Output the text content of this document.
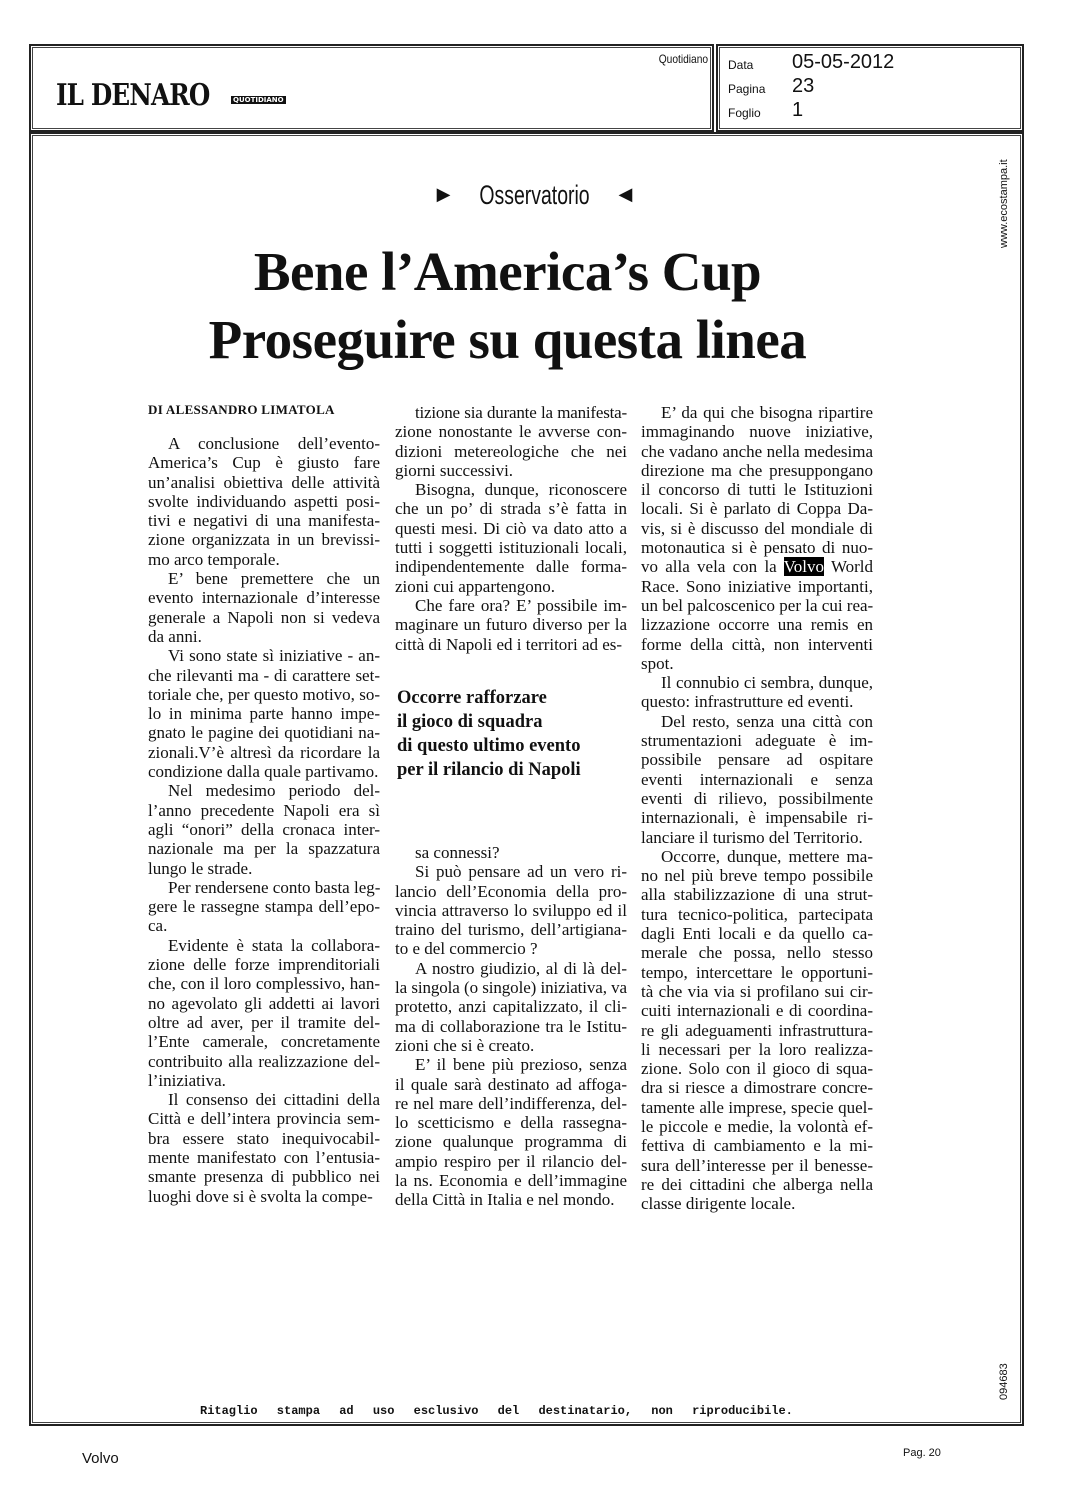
IL DENARO	QUOTIDIANO
Quotidiano Data 05-05-2012
Pagina 23
Foglio 1
▶ Osservatorio ◀
Bene l’America’s Cup
Proseguire su questa linea
DI ALESSANDRO LIMATOLA
A conclusione dell’evento-
America’s Cup è giusto fare
un’analisi obiettiva delle attività
svolte individuando aspetti posi-
tivi e negativi di una manifesta-
zione organizzata in un brevissi-
mo arco temporale.
E’ bene premettere che un
evento internazionale d’interesse
generale a Napoli non si vedeva
da anni.
Vi sono state sì iniziative - an-
che rilevanti ma - di carattere set-
toriale che, per questo motivo, so-
lo in minima parte hanno impe-
gnato le pagine dei quotidiani na-
zionali.V’è altresì da ricordare la
condizione dalla quale partivamo.
Nel medesimo periodo del-
l’anno precedente Napoli era sì
agli “onori” della cronaca inter-
nazionale ma per la spazzatura
lungo le strade.
Per rendersene conto basta leg-
gere le rassegne stampa dell’epo-
ca.
Evidente è stata la collabora-
zione delle forze imprenditoriali
che, con il loro complessivo, han-
no agevolato gli addetti ai lavori
oltre ad aver, per il tramite del-
l’Ente camerale, concretamente
contribuito alla realizzazione del-
l’iniziativa.
Il consenso dei cittadini della
Città e dell’intera provincia sem-
bra essere stato inequivocabil-
mente manifestato con l’entusia-
smante presenza di pubblico nei
luoghi dove si è svolta la compe-
tizione sia durante la manifesta-
zione nonostante le avverse con-
dizioni metereologiche che nei
giorni successivi.
Bisogna, dunque, riconoscere
che un po’ di strada s’è fatta in
questi mesi. Di ciò va dato atto a
tutti i soggetti istituzionali locali,
indipendentemente dalle forma-
zioni cui appartengono.
Che fare ora? E’ possibile im-
maginare un futuro diverso per la
città di Napoli ed i territori ad es-
sa connessi?
Si può pensare ad un vero ri-
lancio dell’Economia della pro-
vincia attraverso lo sviluppo ed il
traino del turismo, dell’artigiana-
to e del commercio ?
A nostro giudizio, al di là del-
la singola (o singole) iniziativa, va
protetto, anzi capitalizzato, il cli-
ma di collaborazione tra le Istitu-
zioni che si è creato.
E’ il bene più prezioso, senza
il quale sarà destinato ad affoga-
re nel mare dell’indifferenza, del-
lo scetticismo e della rassegna-
zione qualunque programma di
ampio respiro per il rilancio del-
la ns. Economia e dell’immagine
della Città in Italia e nel mondo.
E’ da qui che bisogna ripartire
immaginando nuove iniziative,
che vadano anche nella medesima
direzione ma che presuppongano
il concorso di tutti le Istituzioni
locali. Si è parlato di Coppa Da-
vis, si è discusso del mondiale di
motonautica si è pensato di nuo-
vo alla vela con la Volvo World
Race. Sono iniziative importanti,
un bel palcoscenico per la cui rea-
lizzazione occorre una remis en
forme della città, non interventi
spot.
Il connubio ci sembra, dunque,
questo: infrastrutture ed eventi.
Del resto, senza una città con
strumentazioni adeguate è im-
possibile pensare ad ospitare
eventi internazionali e senza
eventi di rilievo, possibilmente
internazionali, è impensabile ri-
lanciare il turismo del Territorio.
Occorre, dunque, mettere ma-
no nel più breve tempo possibile
alla stabilizzazione di una strut-
tura tecnico-politica, partecipata
dagli Enti locali e da quello ca-
merale che possa, nello stesso
tempo, intercettare le opportuni-
tà che via via si profilano sui cir-
cuiti internazionali e di coordina-
re gli adeguamenti infrastruttura-
li necessari per la loro realizza-
zione. Solo con il gioco di squa-
dra si riesce a dimostrare concre-
tamente alle imprese, specie quel-
le piccole e medie, la volontà ef-
fettiva di cambiamento e la mi-
sura dell’interesse per il benesse-
re dei cittadini che alberga nella
classe dirigente locale.
Occorre rafforzare
il gioco di squadra
di questo ultimo evento
per il rilancio di Napoli
Ritaglio stampa ad uso esclusivo del destinatario, non riproducibile.
www.ecostampa.it
094683
Volvo	Pag. 20
